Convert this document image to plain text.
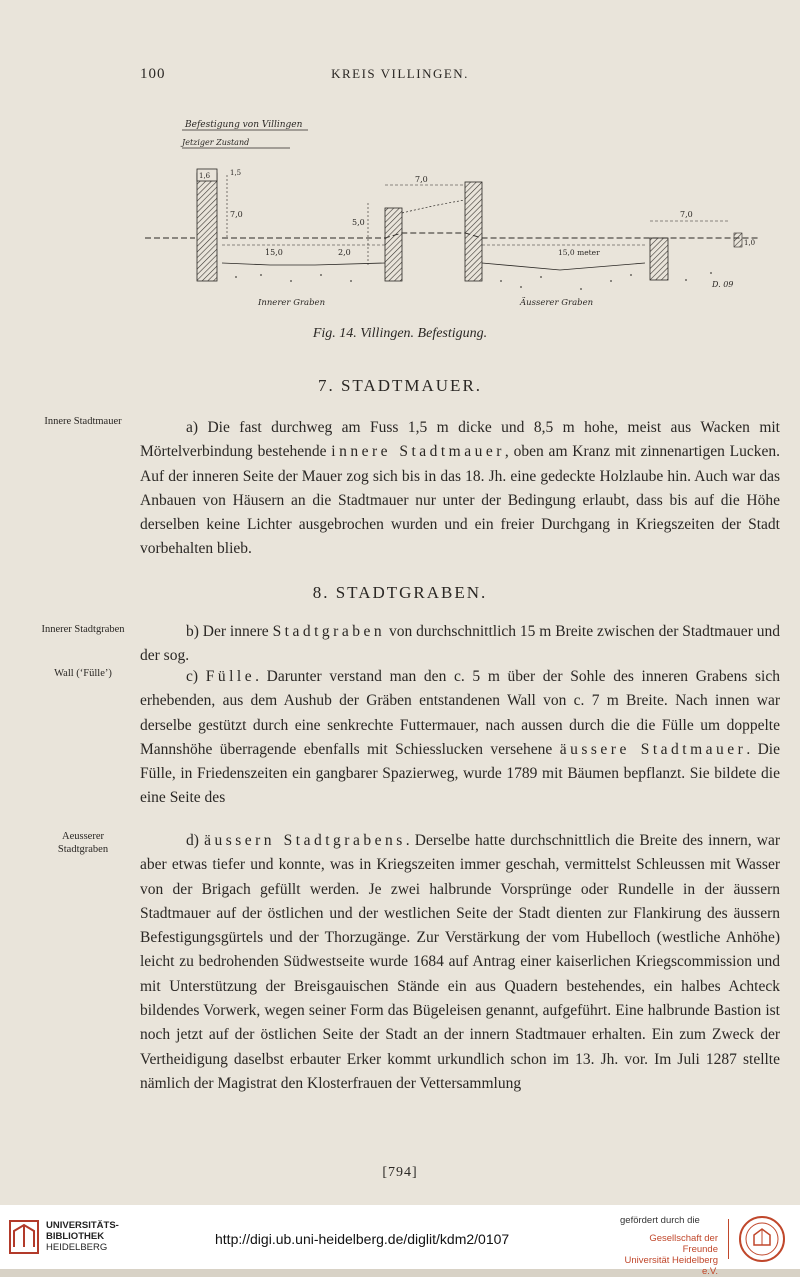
100	KREIS VILLINGEN.
Befestigung von Villingen
Jetziger Zustand
1,6	1,5
7,0
15,0	2,0
5,0
7,0
15,0 meter
7,0
1,0
D. 09
Innerer Graben	Äusserer Graben
Fig. 14. Villingen. Befestigung.
7. STADTMAUER.
Innere Stadtmauer	a) Die fast durchweg am Fuss 1,5 m dicke und 8,5 m hohe, meist aus Wacken mit Mörtelverbindung bestehende innere Stadtmauer, oben am Kranz mit zinnenartigen Lucken. Auf der inneren Seite der Mauer zog sich bis in das 18. Jh. eine gedeckte Holzlaube hin. Auch war das Anbauen von Häusern an die Stadtmauer nur unter der Bedingung erlaubt, dass bis auf die Höhe derselben keine Lichter ausgebrochen wurden und ein freier Durchgang in Kriegszeiten der Stadt vorbehalten blieb.
8. STADTGRABEN.
Innerer Stadtgraben	b) Der innere Stadtgraben von durchschnittlich 15 m Breite zwischen der Stadtmauer und der sog.
Wall (‘Fülle’)	c) Fülle. Darunter verstand man den c. 5 m über der Sohle des inneren Grabens sich erhebenden, aus dem Aushub der Gräben entstandenen Wall von c. 7 m Breite. Nach innen war derselbe gestützt durch eine senkrechte Futtermauer, nach aussen durch die die Fülle um doppelte Mannshöhe überragende ebenfalls mit Schiesslucken versehene äussere Stadtmauer. Die Fülle, in Friedenszeiten ein gangbarer Spazierweg, wurde 1789 mit Bäumen bepflanzt. Sie bildete die eine Seite des
Aeusserer Stadtgraben
d) äussern Stadtgrabens. Derselbe hatte durchschnittlich die Breite des innern, war aber etwas tiefer und konnte, was in Kriegszeiten immer geschah, vermittelst Schleussen mit Wasser von der Brigach gefüllt werden. Je zwei halbrunde Vorsprünge oder Rundelle in der äussern Stadtmauer auf der östlichen und der westlichen Seite der Stadt dienten zur Flankirung des äussern Befestigungsgürtels und der Thorzugänge. Zur Verstärkung der vom Hubelloch (westliche Anhöhe) leicht zu bedrohenden Südwestseite wurde 1684 auf Antrag einer kaiserlichen Kriegscommission und mit Unterstützung der Breisgauischen Stände ein aus Quadern bestehendes, ein halbes Achteck bildendes Vorwerk, wegen seiner Form das Bügeleisen genannt, aufgeführt. Eine halbrunde Bastion ist noch jetzt auf der östlichen Seite der Stadt an der innern Stadtmauer erhalten. Ein zum Zweck der Vertheidigung daselbst erbauter Erker kommt urkundlich schon im 13. Jh. vor. Im Juli 1287 stellte nämlich der Magistrat den Klosterfrauen der Vettersammlung
[794]
UNIVERSITÄTS-
BIBLIOTHEK
HEIDELBERG
http://digi.ub.uni-heidelberg.de/diglit/kdm2/0107
gefördert durch die
Gesellschaft der Freunde
Universität Heidelberg e.V.
